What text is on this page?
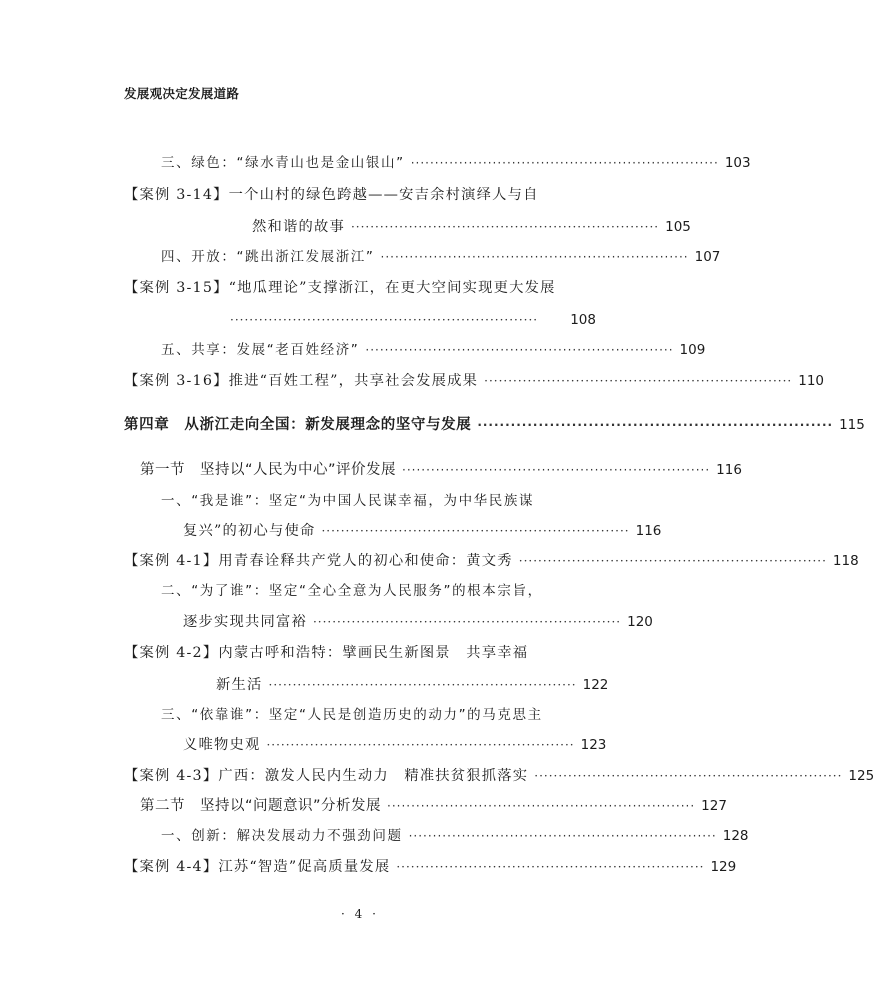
发展观决定发展道路
三、绿色：“绿水青山也是金山银山” ································································ 103
【案例 3-14】一个山村的绿色跨越——安吉余村演绎人与自
然和谐的故事 ································································ 105
四、开放：“跳出浙江发展浙江” ································································ 107
【案例 3-15】“地瓜理论”支撑浙江，在更大空间实现更大发展
································································	108
五、共享：发展“老百姓经济” ································································ 109
【案例 3-16】推进“百姓工程”，共享社会发展成果 ································································ 110
第四章　从浙江走向全国：新发展理念的坚守与发展 ································································ 115
第一节　坚持以“人民为中心”评价发展 ································································ 116
一、“我是谁”：坚定“为中国人民谋幸福，为中华民族谋
复兴”的初心与使命 ································································ 116
【案例 4-1】用青春诠释共产党人的初心和使命：黄文秀 ································································ 118
二、“为了谁”：坚定“全心全意为人民服务”的根本宗旨，
逐步实现共同富裕 ································································ 120
【案例 4-2】内蒙古呼和浩特：擘画民生新图景　共享幸福
新生活 ································································ 122
三、“依靠谁”：坚定“人民是创造历史的动力”的马克思主
义唯物史观 ································································ 123
【案例 4-3】广西：激发人民内生动力　精准扶贫狠抓落实 ································································ 125
第二节　坚持以“问题意识”分析发展 ································································ 127
一、创新：解决发展动力不强劲问题 ································································ 128
【案例 4-4】江苏“智造”促高质量发展 ································································ 129
· 4 ·
